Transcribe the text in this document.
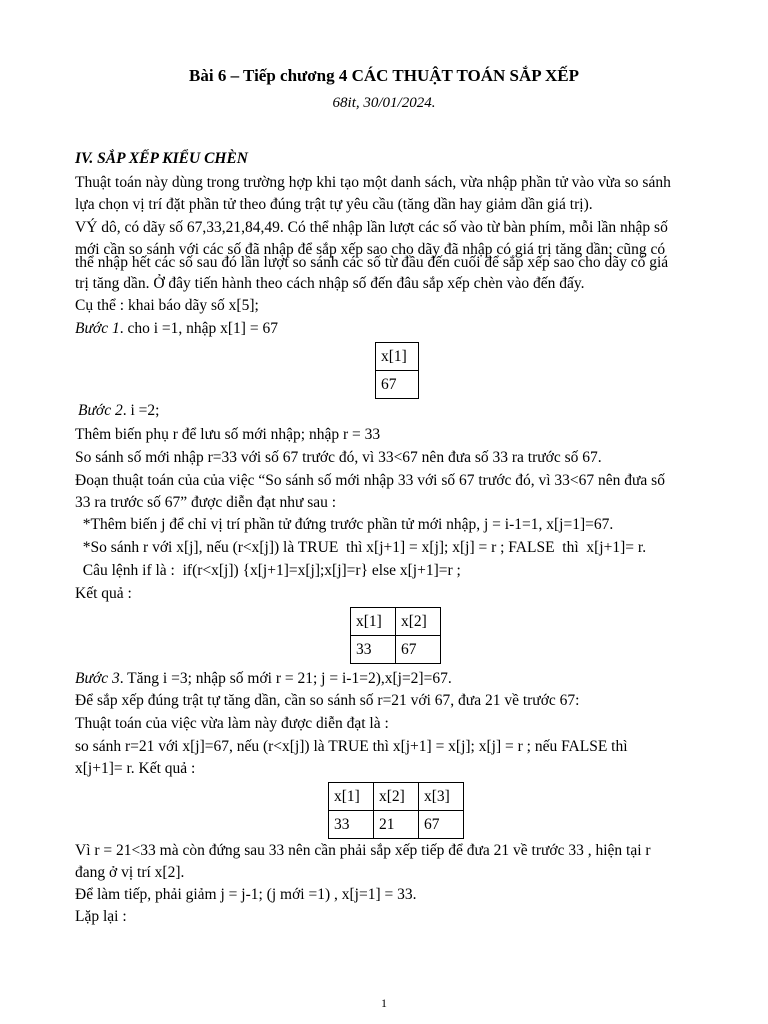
Bài 6 – Tiếp chương 4 CÁC THUẬT TOÁN SẮP XẾP
68it, 30/01/2024.
IV. SẮP XẾP KIỂU CHÈN
Thuật toán này dùng trong trường hợp khi tạo một danh sách, vừa nhập phần tử vào vừa so sánh
lựa chọn vị trí đặt phần tử theo đúng trật tự yêu cầu (tăng dần hay giảm dần giá trị).
VÝ dô, có dãy số 67,33,21,84,49. Có thể nhập lần lượt các số vào từ bàn phím, mỗi lần nhập số
mới cần so sánh với các số đã nhập để sắp xếp sao cho dãy đã nhập có giá trị tăng dần; cũng có
thể nhập hết các số sau đó lần lượt so sánh các số từ đầu đến cuối để sắp xếp sao cho dãy có giá
trị tăng dần. Ở đây tiến hành theo cách nhập số đến đâu sắp xếp chèn vào đến đấy.
Cụ thể : khai báo dãy số x[5];
Bước 1. cho i =1, nhập x[1] = 67
x[1]
67
Bước 2. i =2;
Thêm biến phụ r để lưu số mới nhập; nhập r = 33
So sánh số mới nhập r=33 với số 67 trước đó, vì 33<67 nên đưa số 33 ra trước số 67.
Đoạn thuật toán của của việc “So sánh số mới nhập 33 với số 67 trước đó, vì 33<67 nên đưa số
33 ra trước số 67” được diễn đạt như sau :
*Thêm biến j để chỉ vị trí phần tử đứng trước phần tử mới nhập, j = i-1=1, x[j=1]=67.
*So sánh r với x[j], nếu (r<x[j]) là TRUE  thì x[j+1] = x[j]; x[j] = r ; FALSE  thì  x[j+1]= r.
Câu lệnh if là :  if(r<x[j]) {x[j+1]=x[j];x[j]=r} else x[j+1]=r ;
Kết quả :
x[1]	x[2]
33	67
Bước 3. Tăng i =3; nhập số mới r = 21; j = i-1=2),x[j=2]=67.
Để sắp xếp đúng trật tự tăng dần, cần so sánh số r=21 với 67, đưa 21 về trước 67:
Thuật toán của việc vừa làm này được diễn đạt là :
so sánh r=21 với x[j]=67, nếu (r<x[j]) là TRUE thì x[j+1] = x[j]; x[j] = r ; nếu FALSE thì
x[j+1]= r. Kết quả :
x[1]	x[2]	x[3]
33	21	67
Vì r = 21<33 mà còn đứng sau 33 nên cần phải sắp xếp tiếp để đưa 21 về trước 33 , hiện tại r
đang ở vị trí x[2].
Để làm tiếp, phải giảm j = j-1; (j mới =1) , x[j=1] = 33.
Lặp lại :
1
